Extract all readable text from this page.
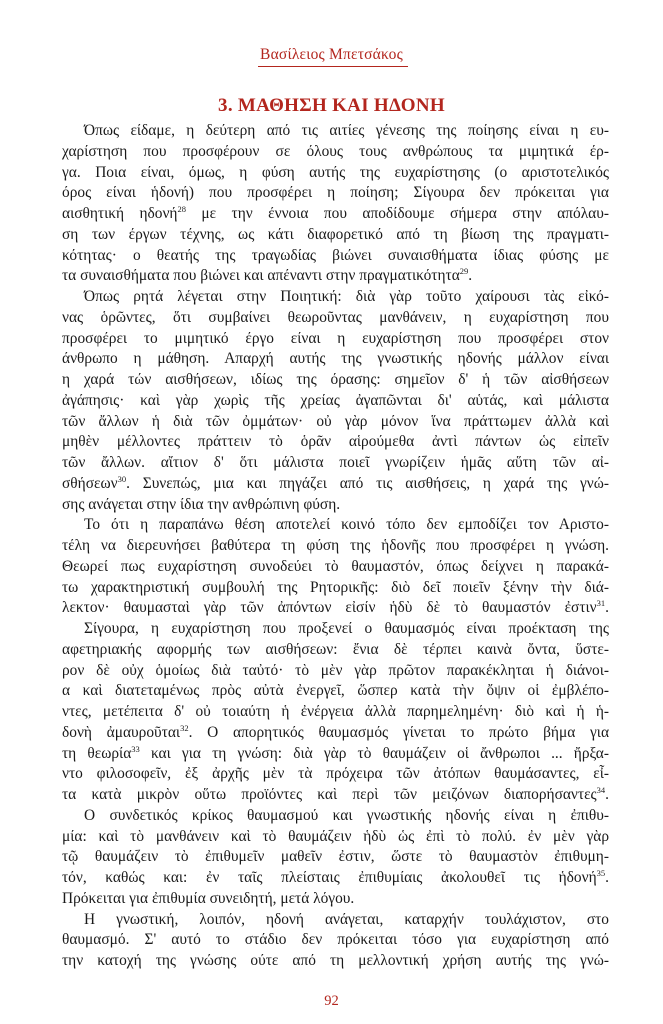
Βασίλειος Μπετσάκος
3. ΜΑΘΗΣΗ ΚΑΙ ΗΔΟΝΗ
Όπως είδαμε, η δεύτερη από τις αιτίες γένεσης της ποίησης είναι η ευ-
χαρίστηση που προσφέρουν σε όλους τους ανθρώπους τα μιμητικά έρ-
γα. Ποια είναι, όμως, η φύση αυτής της ευχαρίστησης (ο αριστοτελικός
όρος είναι ἡδονή) που προσφέρει η ποίηση; Σίγουρα δεν πρόκειται για
αισθητική ηδονή$^{28}$ με την έννοια που αποδίδουμε σήμερα στην απόλαυ-
ση των έργων τέχνης, ως κάτι διαφορετικό από τη βίωση της πραγματι-
κότητας· ο θεατής της τραγωδίας βιώνει συναισθήματα ίδιας φύσης με
τα συναισθήματα που βιώνει και απέναντι στην πραγματικότητα$^{29}$.
Όπως ρητά λέγεται στην Ποιητική: διὰ γὰρ τοῦτο χαίρουσι τὰς εἰκό-
νας ὁρῶντες, ὅτι συμβαίνει θεωροῦντας μανθάνειν, η ευχαρίστηση που
προσφέρει το μιμητικό έργο είναι η ευχαρίστηση που προσφέρει στον
άνθρωπο η μάθηση. Απαρχή αυτής της γνωστικής ηδονής μάλλον είναι
η χαρά τών αισθήσεων, ιδίως της όρασης: σημεῖον δ' ἡ τῶν αἰσθήσεων
ἀγάπησις· καὶ γὰρ χωρὶς τῆς χρείας ἀγαπῶνται δι' αὑτάς, καὶ μάλιστα
τῶν ἄλλων ἡ διὰ τῶν ὀμμάτων· οὐ γὰρ μόνον ἵνα πράττωμεν ἀλλὰ καὶ
μηθὲν μέλλοντες πράττειν τὸ ὁρᾶν αἱρούμεθα ἀντὶ πάντων ὡς εἰπεῖν
τῶν ἄλλων. αἴτιον δ' ὅτι μάλιστα ποιεῖ γνωρίζειν ἡμᾶς αὕτη τῶν αἰ-
σθήσεων$^{30}$. Συνεπώς, μια και πηγάζει από τις αισθήσεις, η χαρά της γνώ-
σης ανάγεται στην ίδια την ανθρώπινη φύση.
Το ότι η παραπάνω θέση αποτελεί κοινό τόπο δεν εμποδίζει τον Αριστο-
τέλη να διερευνήσει βαθύτερα τη φύση της ἡδονῆς που προσφέρει η γνώση.
Θεωρεί πως ευχαρίστηση συνοδεύει τὸ θαυμαστόν, όπως δείχνει η παρακά-
τω χαρακτηριστική συμβουλή της Ρητορικῆς: διὸ δεῖ ποιεῖν ξένην τὴν διά-
λεκτον· θαυμασταὶ γὰρ τῶν ἀπόντων εἰσίν ἡδὺ δὲ τὸ θαυμαστόν ἐστιν$^{31}$.
Σίγουρα, η ευχαρίστηση που προξενεί ο θαυμασμός είναι προέκταση της
αφετηριακής αφορμής των αισθήσεων: ἔνια δὲ τέρπει καινὰ ὄντα, ὕστε-
ρον δὲ οὐχ ὁμοίως διὰ ταὐτό· τὸ μὲν γὰρ πρῶτον παρακέκληται ἡ διάνοι-
α καὶ διατεταμένως πρὸς αὐτὰ ἐνεργεῖ, ὥσπερ κατὰ τὴν ὄψιν οἱ ἐμβλέπο-
ντες, μετέπειτα δ' οὐ τοιαύτη ἡ ἐνέργεια ἀλλὰ παρημελημένη· διὸ καὶ ἡ ἡ-
δονὴ ἀμαυροῦται$^{32}$. Ο απορητικός θαυμασμός γίνεται το πρώτο βήμα για
τη θεωρία$^{33}$ και για τη γνώση: διὰ γὰρ τὸ θαυμάζειν οἱ ἄνθρωποι ... ἤρξα-
ντο φιλοσοφεῖν, ἐξ ἀρχῆς μὲν τὰ πρόχειρα τῶν ἀτόπων θαυμάσαντες, εἶ-
τα κατὰ μικρὸν οὕτω προϊόντες καὶ περὶ τῶν μειζόνων διαπορήσαντες$^{34}$.
Ο συνδετικός κρίκος θαυμασμού και γνωστικής ηδονής είναι η ἐπιθυ-
μία: καὶ τὸ μανθάνειν καὶ τὸ θαυμάζειν ἡδὺ ὡς ἐπὶ τὸ πολύ. ἐν μὲν γὰρ
τῷ θαυμάζειν τὸ ἐπιθυμεῖν μαθεῖν ἐστιν, ὥστε τὸ θαυμαστὸν ἐπιθυμη-
τόν, καθώς και: ἐν ταῖς πλείσταις ἐπιθυμίαις ἀκολουθεῖ τις ἡδονή$^{35}$.
Πρόκειται για ἐπιθυμία συνειδητή, μετά λόγου.
Η γνωστική, λοιπόν, ηδονή ανάγεται, καταρχήν τουλάχιστον, στο
θαυμασμό. Σ' αυτό το στάδιο δεν πρόκειται τόσο για ευχαρίστηση από
την κατοχή της γνώσης ούτε από τη μελλοντική χρήση αυτής της γνώ-
92
